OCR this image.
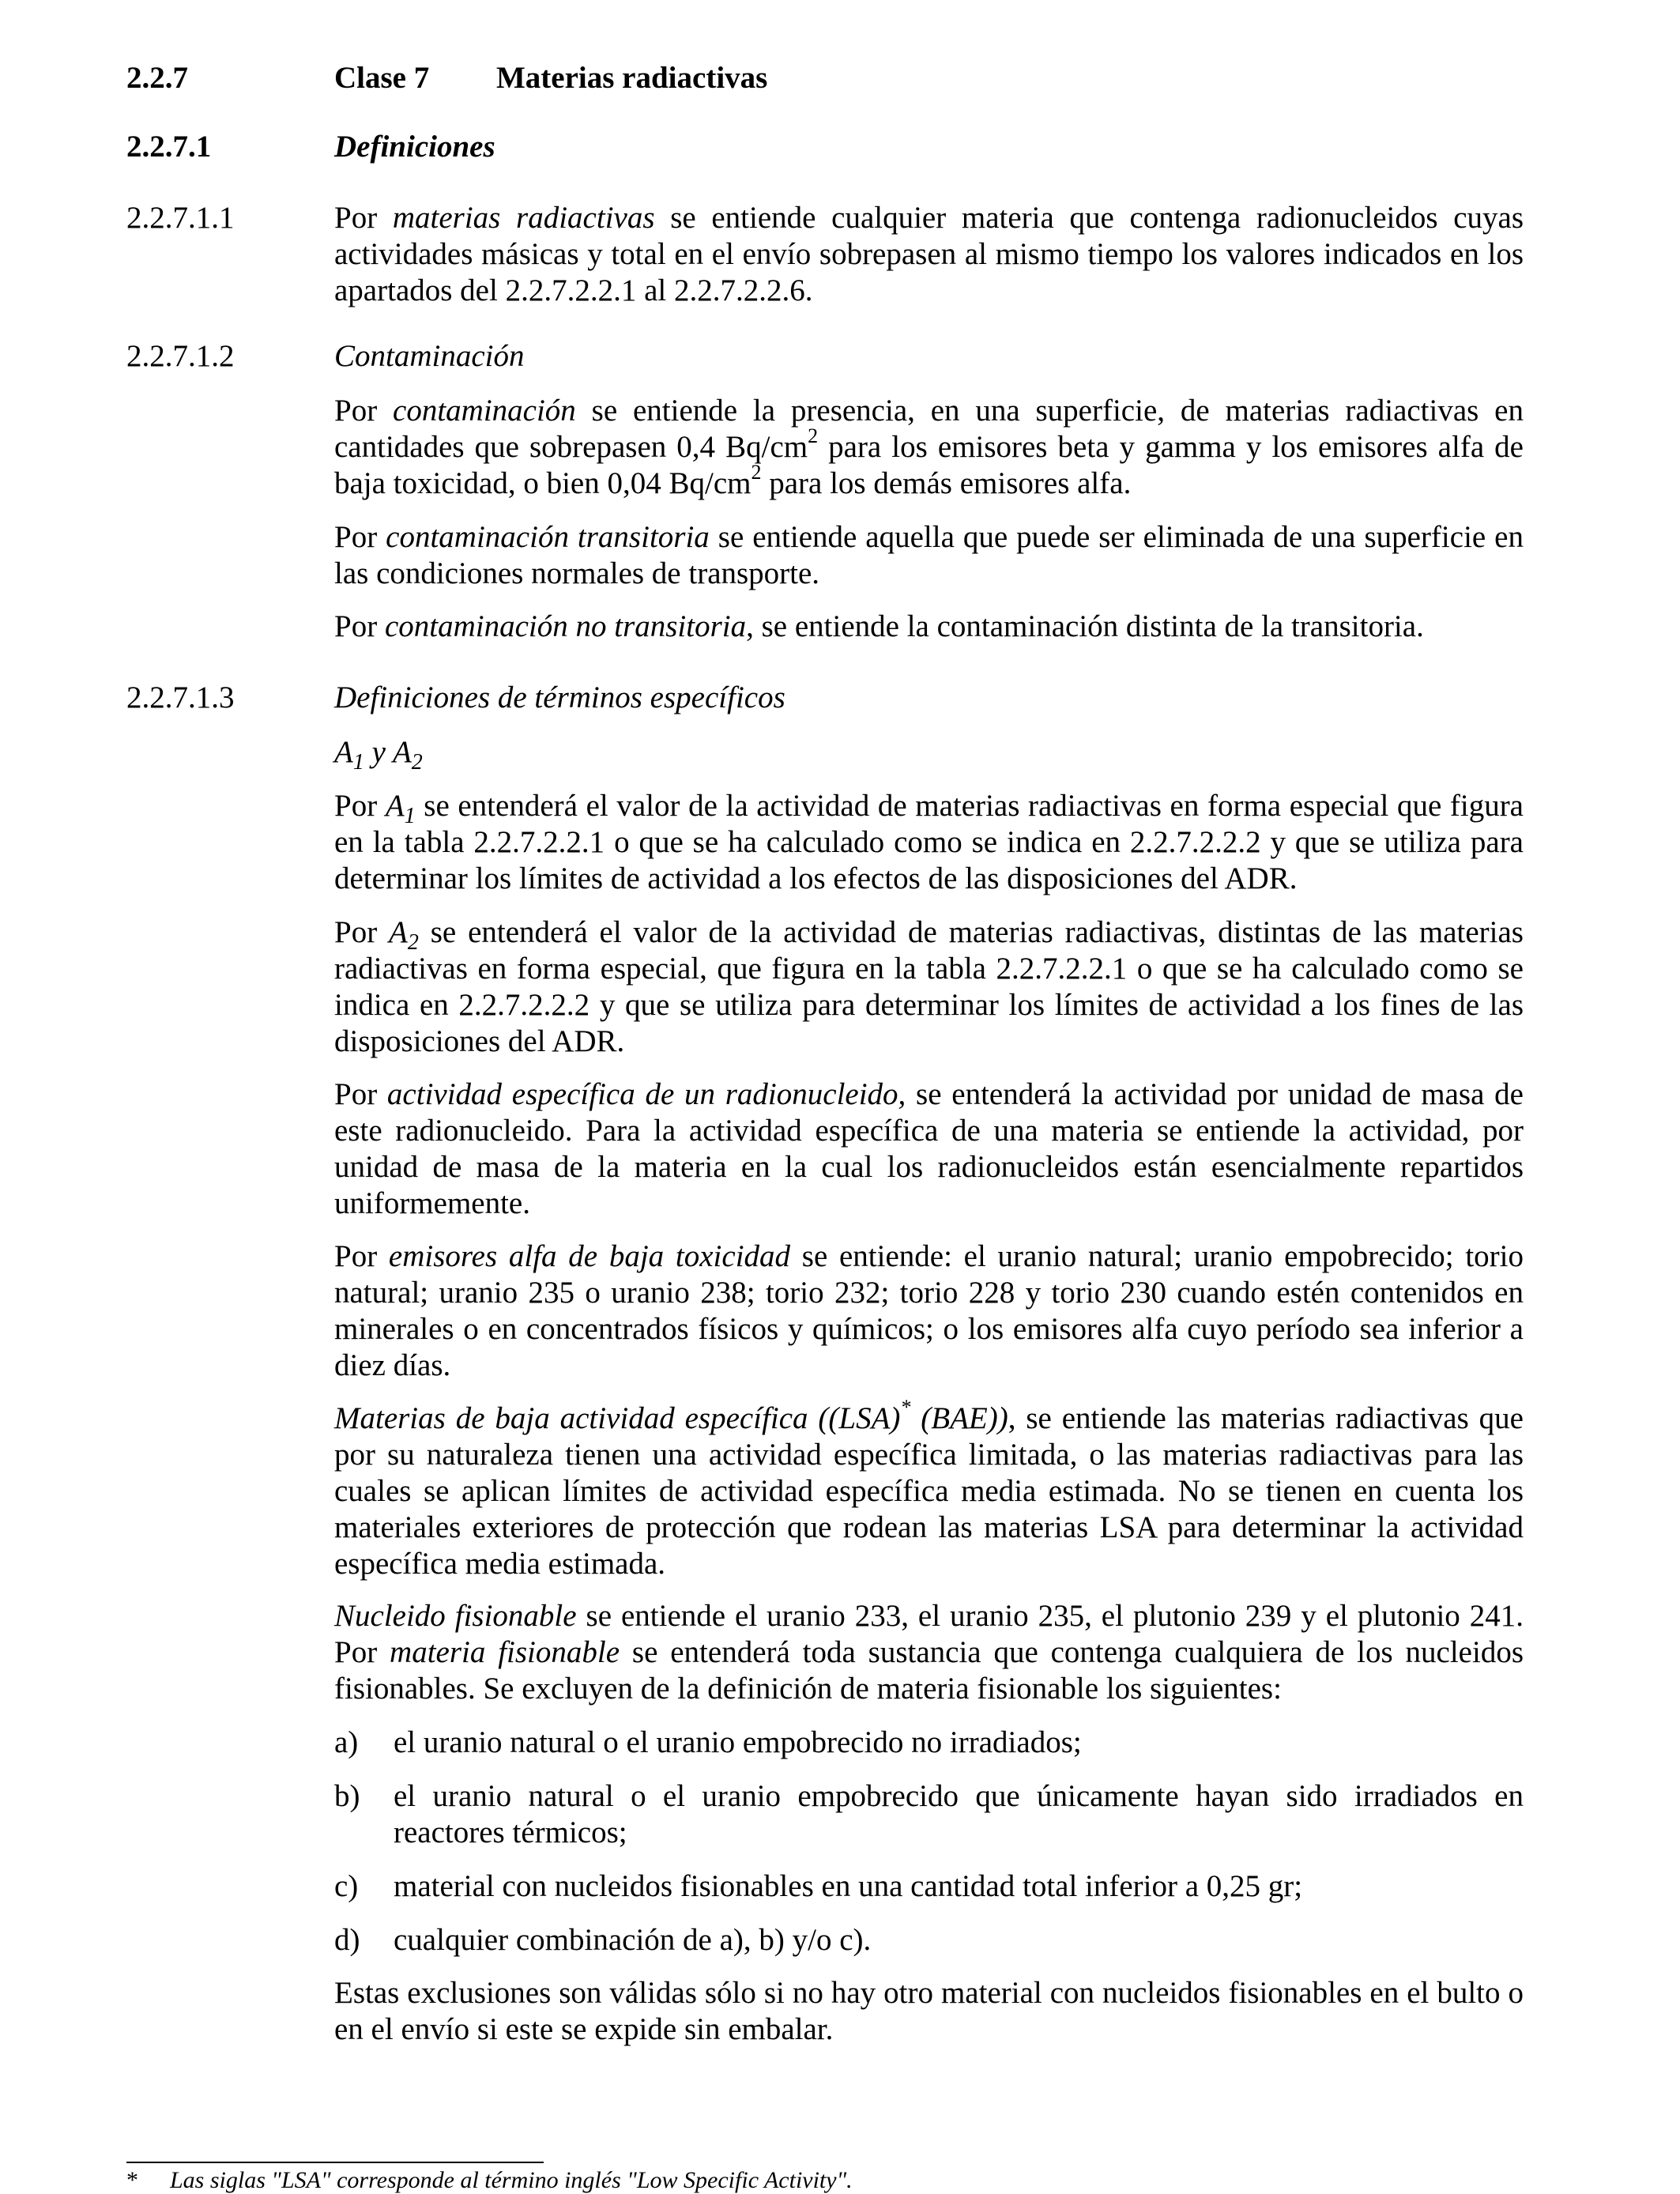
2.2.7	Clase 7 Materias radiactivas
2.2.7.1	Definiciones
2.2.7.1.1	Por materias radiactivas se entiende cualquier materia que contenga radionucleidos cuyas actividades másicas y total en el envío sobrepasen al mismo tiempo los valores indicados en los apartados del 2.2.7.2.2.1 al 2.2.7.2.2.6.

2.2.7.1.2	Contaminación

Por contaminación se entiende la presencia, en una superficie, de materias radiactivas en cantidades que sobrepasen 0,4 $Bq/cm^2$ para los emisores beta y gamma y los emisores alfa de baja toxicidad, o bien 0,04 $Bq/cm^2$ para los demás emisores alfa.

Por contaminación transitoria se entiende aquella que puede ser eliminada de una superficie en las condiciones normales de transporte.

Por contaminación no transitoria, se entiende la contaminación distinta de la transitoria.

2.2.7.1.3	Definiciones de términos específicos
$A_1$ y $A_2$

Por $A_1$ se entenderá el valor de la actividad de materias radiactivas en forma especial que figura en la tabla 2.2.7.2.2.1 o que se ha calculado como se indica en 2.2.7.2.2.2 y que se utiliza para determinar los límites de actividad a los efectos de las disposiciones del ADR.

Por $A_2$ se entenderá el valor de la actividad de materias radiactivas, distintas de las materias radiactivas en forma especial, que figura en la tabla 2.2.7.2.2.1 o que se ha calculado como se indica en 2.2.7.2.2.2 y que se utiliza para determinar los límites de actividad a los fines de las disposiciones del ADR.

Por actividad específica de un radionucleido, se entenderá la actividad por unidad de masa de este radionucleido. Para la actividad específica de una materia se entiende la actividad, por unidad de masa de la materia en la cual los radionucleidos están esencialmente repartidos uniformemente.

Por emisores alfa de baja toxicidad se entiende: el uranio natural; uranio empobrecido; torio natural; uranio 235 o uranio 238; torio 232; torio 228 y torio 230 cuando estén contenidos en minerales o en concentrados físicos y químicos; o los emisores alfa cuyo período sea inferior a diez días.

Materias de baja actividad específica ((LSA)* (BAE)), se entiende las materias radiactivas que por su naturaleza tienen una actividad específica limitada, o las materias radiactivas para las cuales se aplican límites de actividad específica media estimada. No se tienen en cuenta los materiales exteriores de protección que rodean las materias LSA para determinar la actividad específica media estimada.

Nucleido fisionable se entiende el uranio 233, el uranio 235, el plutonio 239 y el plutonio 241. Por materia fisionable se entenderá toda sustancia que contenga cualquiera de los nucleidos fisionables. Se excluyen de la definición de materia fisionable los siguientes:

a) el uranio natural o el uranio empobrecido no irradiados;
b) el uranio natural o el uranio empobrecido que únicamente hayan sido irradiados en reactores térmicos;
c) material con nucleidos fisionables en una cantidad total inferior a 0,25 gr;
d) cualquier combinación de a), b) y/o c).

Estas exclusiones son válidas sólo si no hay otro material con nucleidos fisionables en el bulto o en el envío si este se expide sin embalar.

* Las siglas "LSA" corresponde al término inglés "Low Specific Activity".
